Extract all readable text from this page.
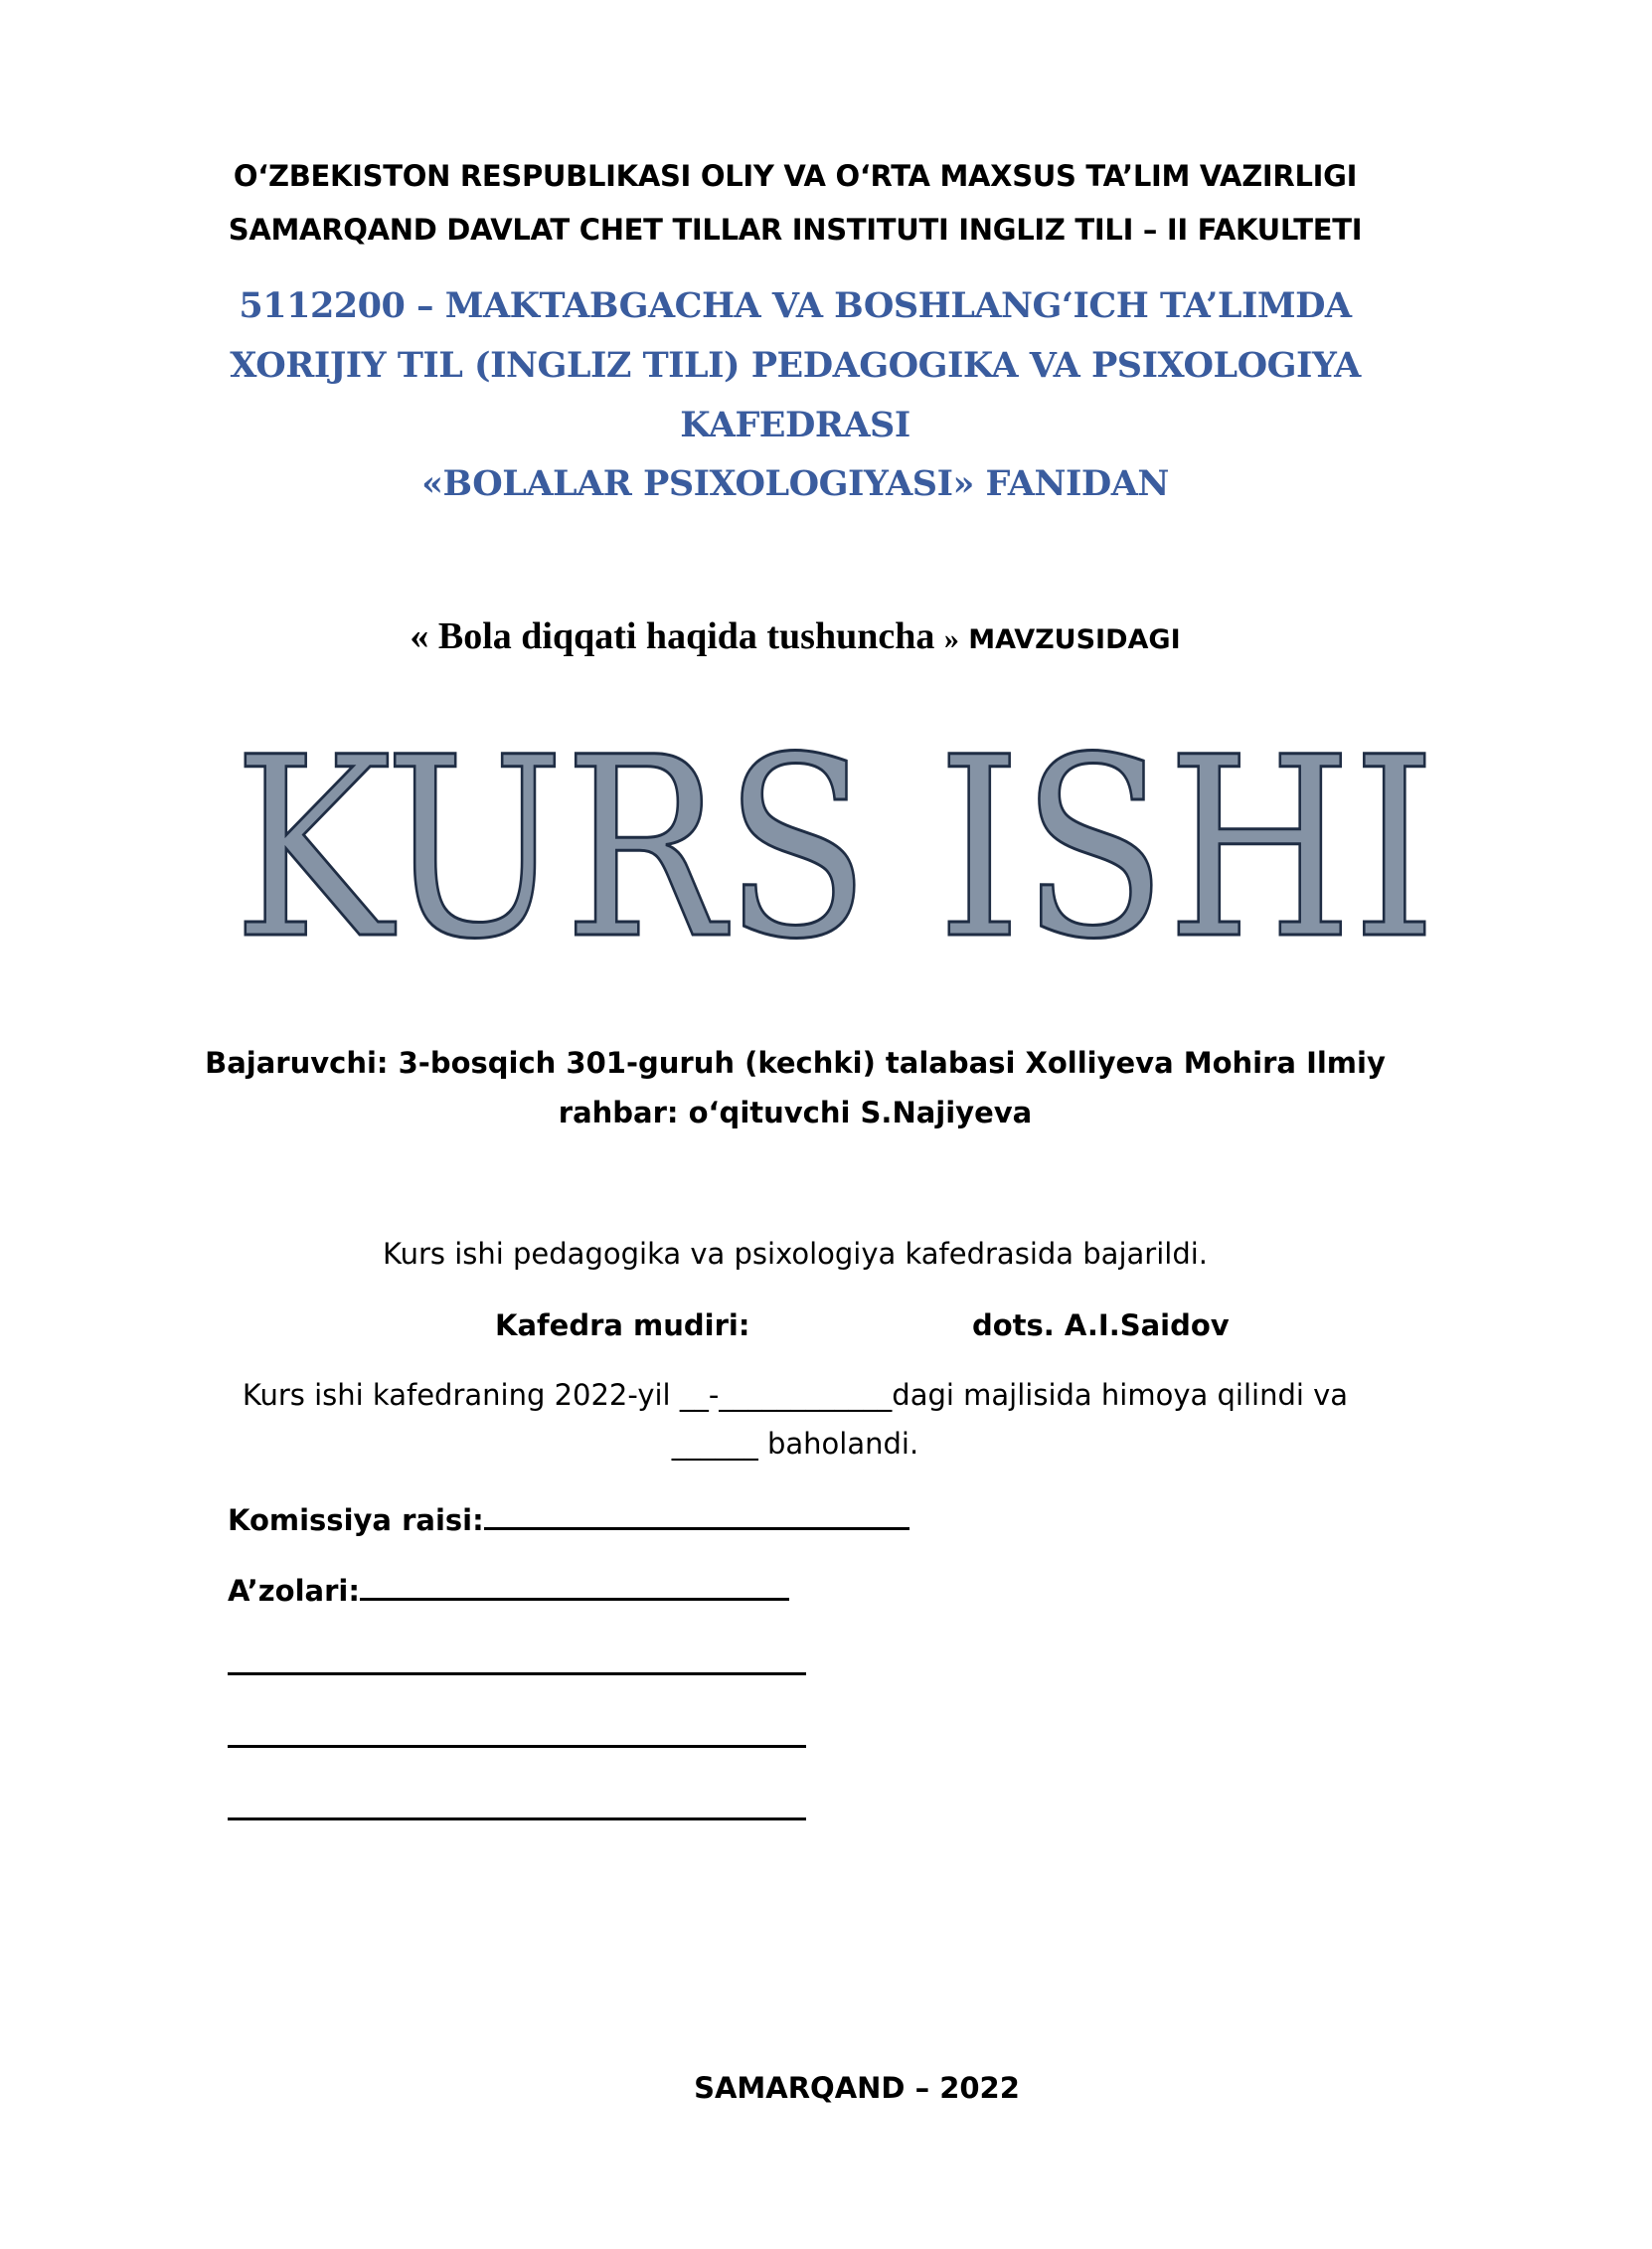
O‘ZBEKISTON RESPUBLIKASI OLIY VA O‘RTA MAXSUS TA’LIM VAZIRLIGI
SAMARQAND DAVLAT CHET TILLAR INSTITUTI INGLIZ TILI – II FAKULTETI
5112200 – MAKTABGACHA VA BOSHLANG‘ICH TA’LIMDA
XORIJIY TIL (INGLIZ TILI) PEDAGOGIKA VA PSIXOLOGIYA
KAFEDRASI
«BOLALAR PSIXOLOGIYASI» FANIDAN
« Bola diqqati haqida tushuncha » MAVZUSIDAGI
KURS ISHI
Bajaruvchi: 3-bosqich 301-guruh (kechki) talabasi Xolliyeva Mohira Ilmiy
rahbar: o‘qituvchi S.Najiyeva
Kurs ishi pedagogika va psixologiya kafedrasida bajarildi.
Kafedra mudiri:	dots. A.I.Saidov
Kurs ishi kafedraning 2022-yil __-____________dagi majlisida himoya qilindi va
______ baholandi.
Komissiya raisi:
A’zolari:
SAMARQAND – 2022
